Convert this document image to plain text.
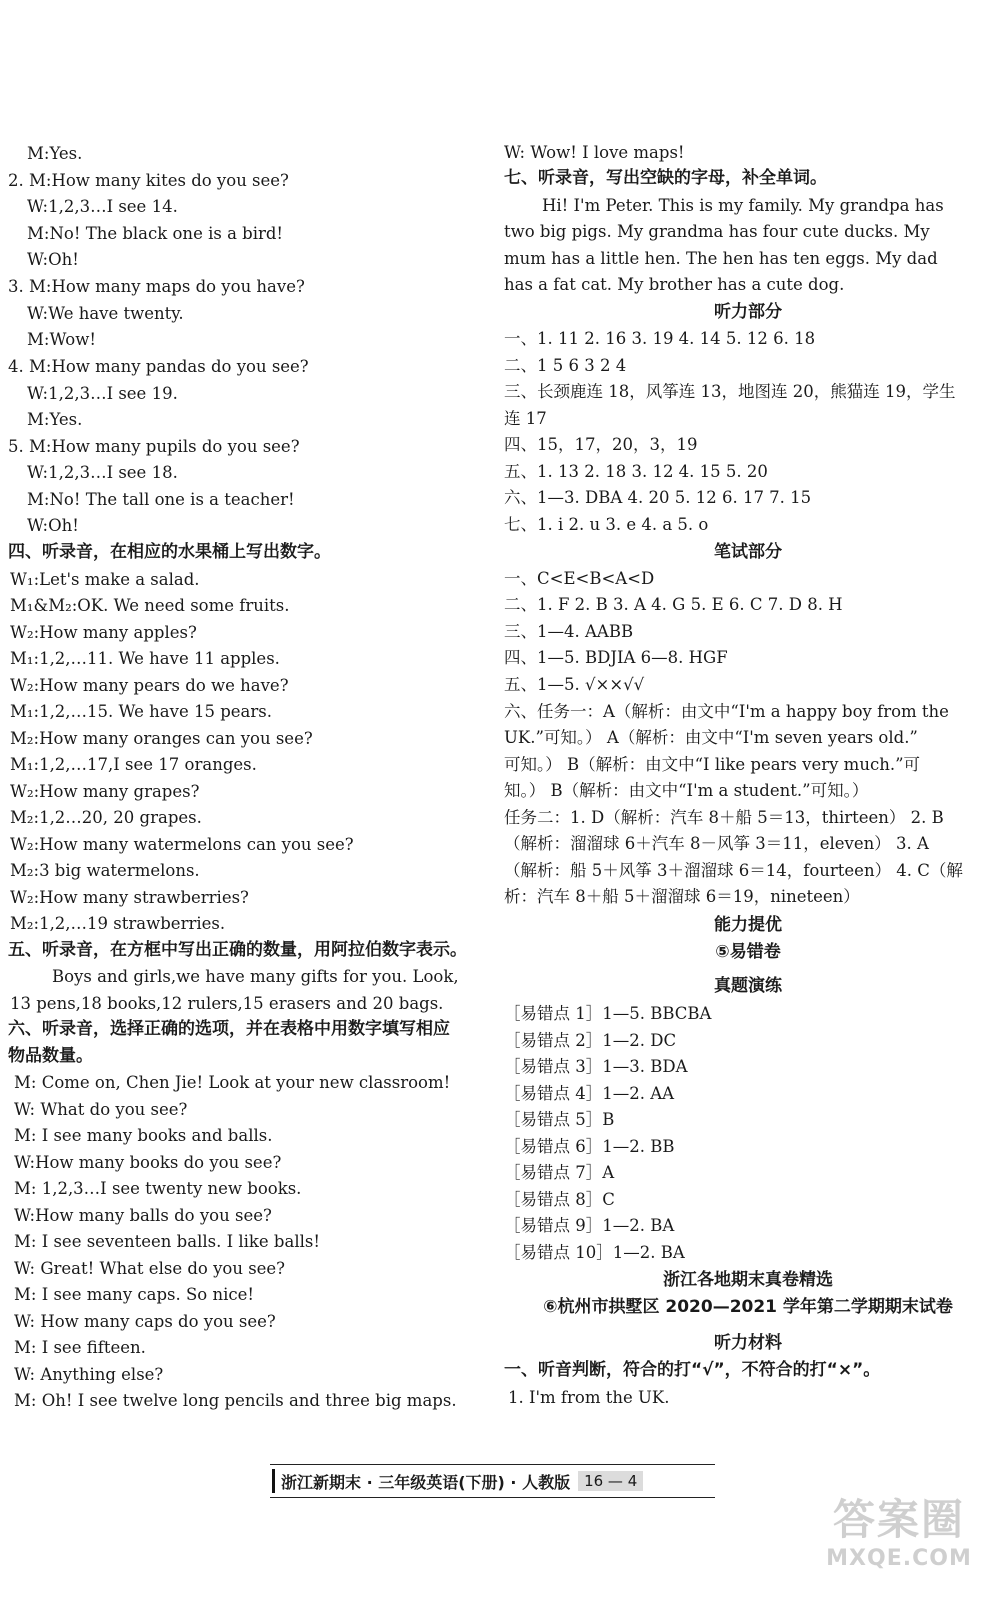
M:Yes.
2. M:How many kites do you see?
W:1,2,3…I see 14.
M:No! The black one is a bird!
W:Oh!
3. M:How many maps do you have?
W:We have twenty.
M:Wow!
4. M:How many pandas do you see?
W:1,2,3…I see 19.
M:Yes.
5. M:How many pupils do you see?
W:1,2,3…I see 18.
M:No! The tall one is a teacher!
W:Oh!
四、听录音，在相应的水果桶上写出数字。
W₁:Let's make a salad.
M₁&M₂:OK. We need some fruits.
W₂:How many apples?
M₁:1,2,…11. We have 11 apples.
W₂:How many pears do we have?
M₁:1,2,…15. We have 15 pears.
M₂:How many oranges can you see?
M₁:1,2,…17,I see 17 oranges.
W₂:How many grapes?
M₂:1,2…20, 20 grapes.
W₂:How many watermelons can you see?
M₂:3 big watermelons.
W₂:How many strawberries?
M₂:1,2,…19 strawberries.
五、听录音，在方框中写出正确的数量，用阿拉伯数字表示。
Boys and girls,we have many gifts for you. Look,
13 pens,18 books,12 rulers,15 erasers and 20 bags.
六、听录音，选择正确的选项，并在表格中用数字填写相应
物品数量。
M: Come on, Chen Jie! Look at your new classroom!
W: What do you see?
M: I see many books and balls.
W:How many books do you see?
M: 1,2,3…I see twenty new books.
W:How many balls do you see?
M: I see seventeen balls. I like balls!
W: Great! What else do you see?
M: I see many caps. So nice!
W: How many caps do you see?
M: I see fifteen.
W: Anything else?
M: Oh! I see twelve long pencils and three big maps.
W: Wow! I love maps!
七、听录音，写出空缺的字母，补全单词。
Hi! I'm Peter. This is my family. My grandpa has
two big pigs. My grandma has four cute ducks. My
mum has a little hen. The hen has ten eggs. My dad
has a fat cat. My brother has a cute dog.
听力部分
一、1. 11 2. 16 3. 19 4. 14 5. 12 6. 18
二、1 5 6 3 2 4
三、长颈鹿连 18，风筝连 13，地图连 20，熊猫连 19，学生
连 17
四、15，17，20，3，19
五、1. 13 2. 18 3. 12 4. 15 5. 20
六、1—3. DBA 4. 20 5. 12 6. 17 7. 15
七、1. i 2. u 3. e 4. a 5. o
笔试部分
一、C<E<B<A<D
二、1. F 2. B 3. A 4. G 5. E 6. C 7. D 8. H
三、1—4. AABB
四、1—5. BDJIA 6—8. HGF
五、1—5. √××√√
六、任务一：A（解析：由文中“I'm a happy boy from the
UK.”可知。） A（解析：由文中“I'm seven years old.”
可知。） B（解析：由文中“I like pears very much.”可
知。） B（解析：由文中“I'm a student.”可知。）
任务二：1. D（解析：汽车 8＋船 5＝13，thirteen） 2. B
（解析：溜溜球 6＋汽车 8－风筝 3＝11，eleven） 3. A
（解析：船 5＋风筝 3＋溜溜球 6＝14，fourteen） 4. C（解
析：汽车 8＋船 5＋溜溜球 6＝19，nineteen）
能力提优
⑤易错卷
真题演练
［易错点 1］1—5. BBCBA
［易错点 2］1—2. DC
［易错点 3］1—3. BDA
［易错点 4］1—2. AA
［易错点 5］B
［易错点 6］1—2. BB
［易错点 7］A
［易错点 8］C
［易错点 9］1—2. BA
［易错点 10］1—2. BA
浙江各地期末真卷精选
⑥杭州市拱墅区 2020—2021 学年第二学期期末试卷
听力材料
一、听音判断，符合的打“√”，不符合的打“×”。
1. I'm from the UK.
浙江新期末 · 三年级英语(下册) · 人教版 16 — 4
答案圈
MXQE.COM
